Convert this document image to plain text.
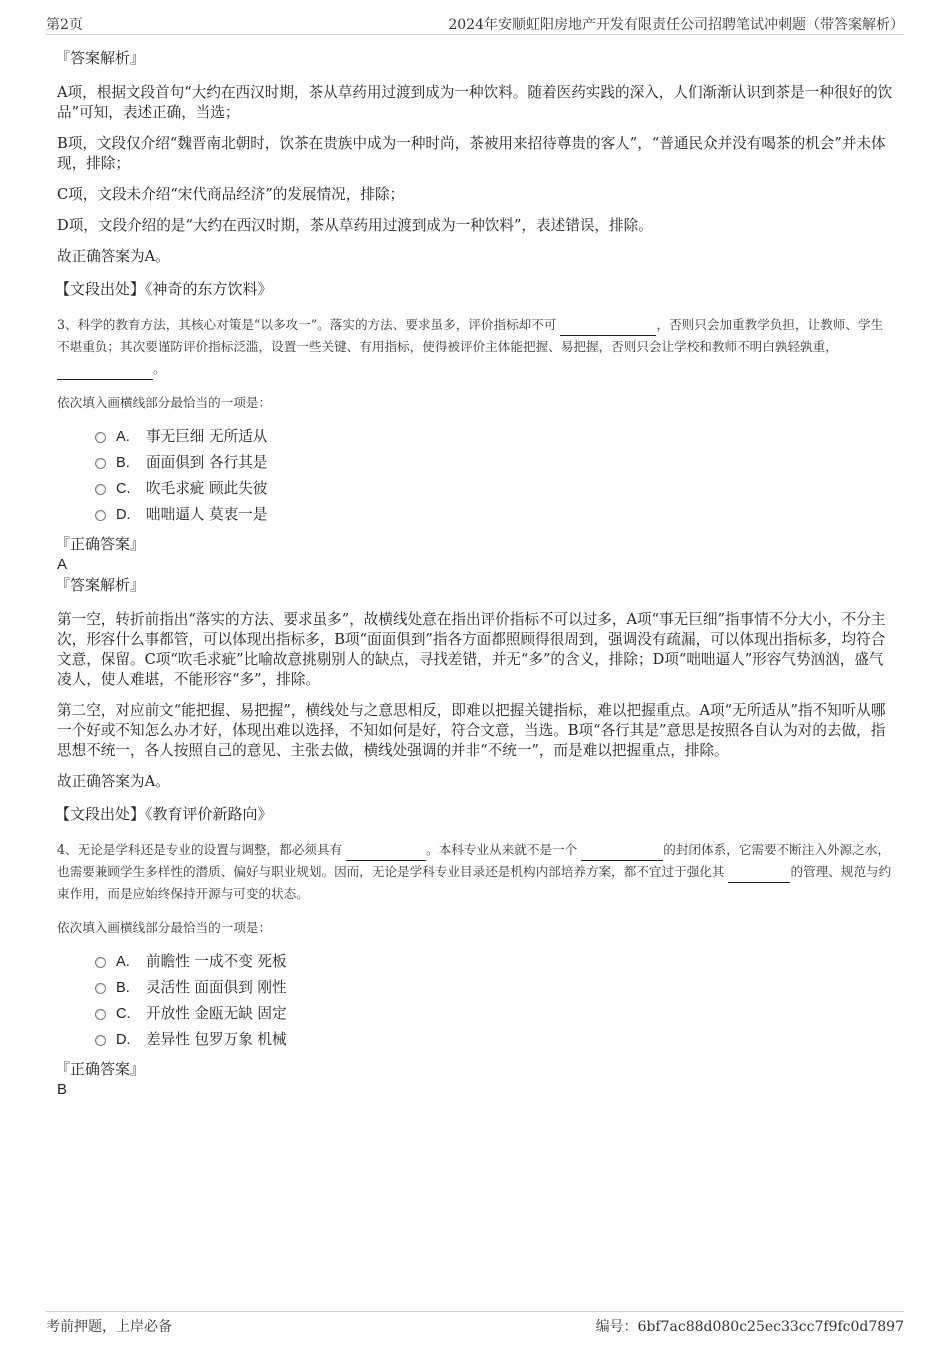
第2页	2024年安顺虹阳房地产开发有限责任公司招聘笔试冲刺题（带答案解析）
『答案解析』

A项，根据文段首句“大约在西汉时期，茶从草药用过渡到成为一种饮料。随着医药实践的深入，人们渐渐认识到茶是一种很好的饮品”可知，表述正确，当选；

B项，文段仅介绍“魏晋南北朝时，饮茶在贵族中成为一种时尚，茶被用来招待尊贵的客人”，“普通民众并没有喝茶的机会”并未体现，排除；

C项，文段未介绍“宋代商品经济”的发展情况，排除；

D项，文段介绍的是“大约在西汉时期，茶从草药用过渡到成为一种饮料”，表述错误，排除。

故正确答案为A。

【文段出处】《神奇的东方饮料》

3、科学的教育方法，其核心对策是“以多攻一”。落实的方法、要求虽多，评价指标却不可	，否则只会加重教学负担，让教师、学生不堪重负；其次要谨防评价指标泛滥，设置一些关键、有用指标，使得被评价主体能把握、易把握，否则只会让学校和教师不明白孰轻孰重， 。

依次填入画横线部分最恰当的一项是：

A.	事无巨细 无所适从
B.	面面俱到 各行其是
C.	吹毛求疵 顾此失彼
D.	咄咄逼人 莫衷一是
『正确答案』
A
『答案解析』

第一空，转折前指出“落实的方法、要求虽多”，故横线处意在指出评价指标不可以过多，A项“事无巨细”指事情不分大小，不分主次，形容什么事都管，可以体现出指标多，B项“面面俱到”指各方面都照顾得很周到，强调没有疏漏，可以体现出指标多，均符合文意，保留。C项“吹毛求疵”比喻故意挑剔别人的缺点，寻找差错，并无“多”的含义，排除；D项“咄咄逼人”形容气势汹汹，盛气凌人，使人难堪，不能形容“多”，排除。

第二空，对应前文“能把握、易把握”，横线处与之意思相反，即难以把握关键指标，难以把握重点。A项“无所适从”指不知听从哪一个好或不知怎么办才好，体现出难以选择，不知如何是好，符合文意，当选。B项“各行其是”意思是按照各自认为对的去做，指思想不统一，各人按照自己的意见、主张去做，横线处强调的并非“不统一”，而是难以把握重点，排除。

故正确答案为A。

【文段出处】《教育评价新路向》

4、无论是学科还是专业的设置与调整，都必须具有	。本科专业从来就不是一个	的封闭体系，它需要不断注入外源之水，也需要兼顾学生多样性的潜质、偏好与职业规划。因而，无论是学科专业目录还是机构内部培养方案，都不宜过于强化其	的管理、规范与约束作用，而是应始终保持开源与可变的状态。

依次填入画横线部分最恰当的一项是：

A.	前瞻性 一成不变 死板
B.	灵活性 面面俱到 刚性
C.	开放性 金瓯无缺 固定
D.	差异性 包罗万象 机械
『正确答案』
B
考前押题，上岸必备	编号：6bf7ac88d080c25ec33cc7f9fc0d7897
